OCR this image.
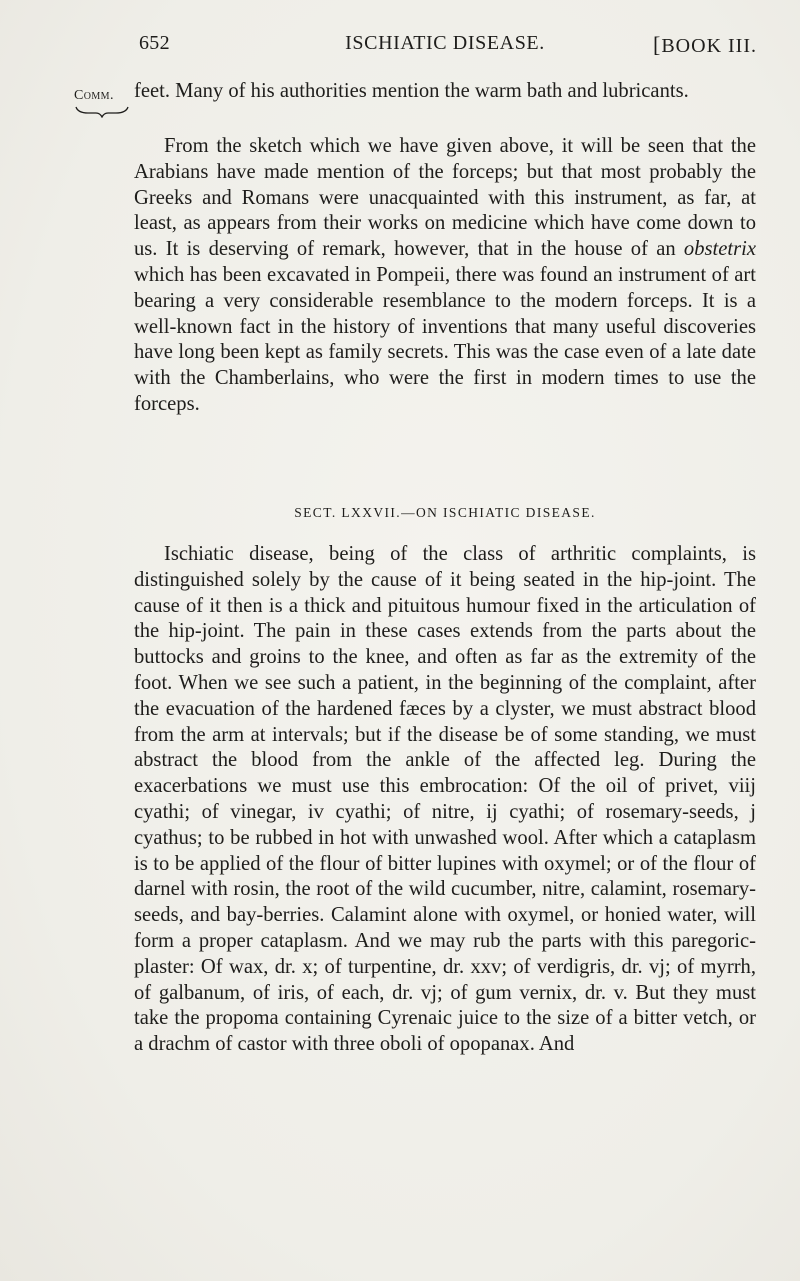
652	ISCHIATIC DISEASE.	[BOOK III.
Comm. feet. Many of his authorities mention the warm bath and lubricants.

From the sketch which we have given above, it will be seen that the Arabians have made mention of the forceps; but that most probably the Greeks and Romans were unacquainted with this instrument, as far, at least, as appears from their works on medicine which have come down to us. It is deserving of remark, however, that in the house of an obstetrix which has been excavated in Pompeii, there was found an instrument of art bearing a very considerable resemblance to the modern forceps. It is a well-known fact in the history of inventions that many useful discoveries have long been kept as family secrets. This was the case even of a late date with the Chamberlains, who were the first in modern times to use the forceps.

SECT. LXXVII.—ON ISCHIATIC DISEASE.

Ischiatic disease, being of the class of arthritic complaints, is distinguished solely by the cause of it being seated in the hip-joint. The cause of it then is a thick and pituitous humour fixed in the articulation of the hip-joint. The pain in these cases extends from the parts about the buttocks and groins to the knee, and often as far as the extremity of the foot. When we see such a patient, in the beginning of the complaint, after the evacuation of the hardened fæces by a clyster, we must abstract blood from the arm at intervals; but if the disease be of some standing, we must abstract the blood from the ankle of the affected leg. During the exacerbations we must use this embrocation: Of the oil of privet, viij cyathi; of vinegar, iv cyathi; of nitre, ij cyathi; of rosemary-seeds, j cyathus; to be rubbed in hot with unwashed wool. After which a cataplasm is to be applied of the flour of bitter lupines with oxymel; or of the flour of darnel with rosin, the root of the wild cucumber, nitre, calamint, rosemary-seeds, and bay-berries. Calamint alone with oxymel, or honied water, will form a proper cataplasm. And we may rub the parts with this paregoric-plaster: Of wax, dr. x; of turpentine, dr. xxv; of verdigris, dr. vj; of myrrh, of galbanum, of iris, of each, dr. vj; of gum vernix, dr. v. But they must take the propoma containing Cyrenaic juice to the size of a bitter vetch, or a drachm of castor with three oboli of opopanax. And
